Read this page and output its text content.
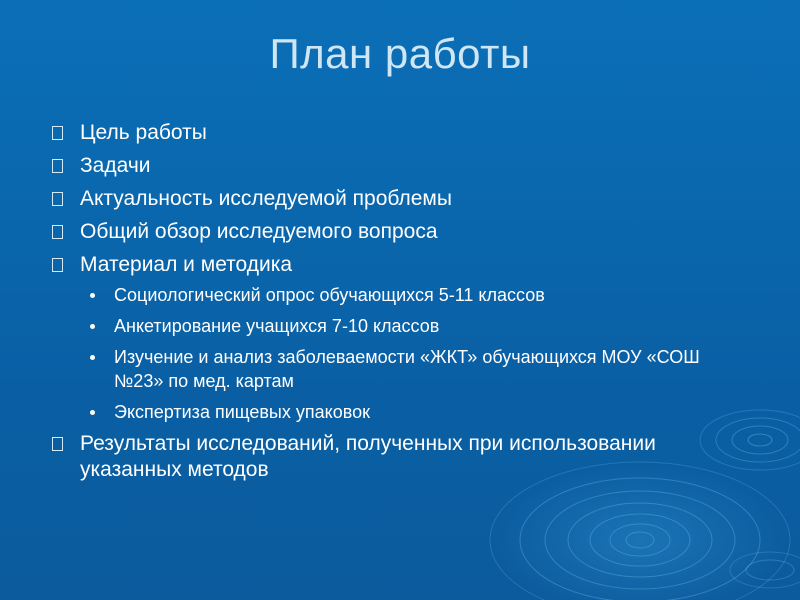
План работы
Цель работы
Задачи
Актуальность исследуемой проблемы
Общий обзор исследуемого вопроса
Материал и методика
Социологический опрос обучающихся 5-11 классов
Анкетирование учащихся 7-10 классов
Изучение и анализ заболеваемости «ЖКТ» обучающихся МОУ «СОШ №23» по мед. картам
Экспертиза пищевых упаковок
Результаты исследований, полученных при использовании указанных методов
